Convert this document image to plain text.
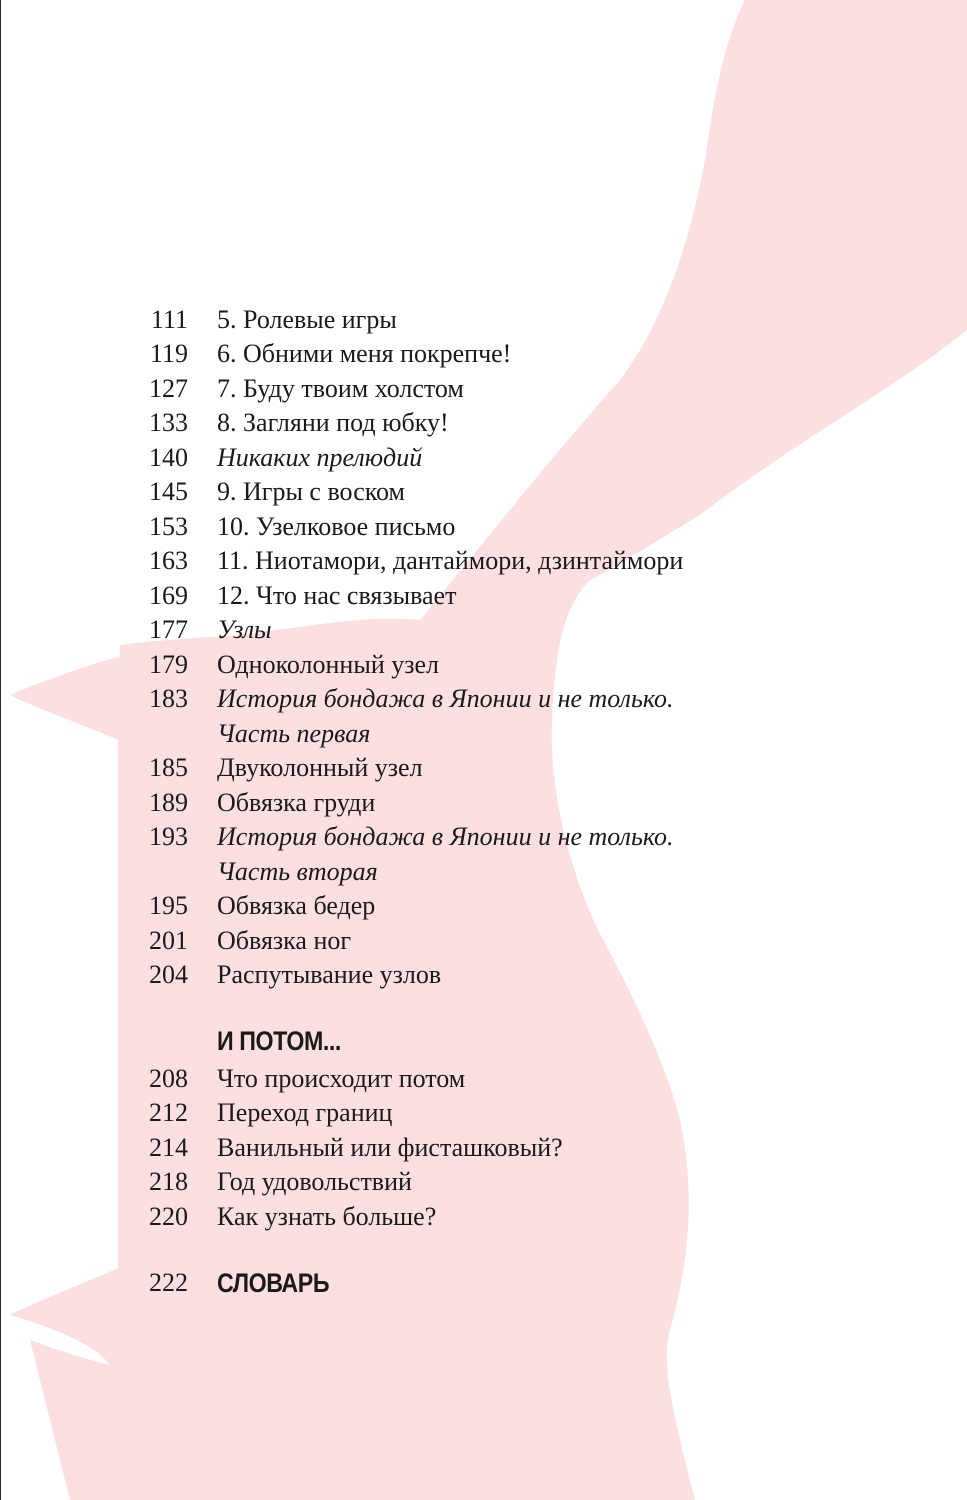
111 5. Ролевые игры
119 6. Обними меня покрепче!
127 7. Буду твоим холстом
133 8. Загляни под юбку!
140 Никаких прелюдий
145 9. Игры с воском
153 10. Узелковое письмо
163 11. Ниотамори, дантаймори, дзинтаймори
169 12. Что нас связывает
177 Узлы
179 Одноколонный узел
183 История бондажа в Японии и не только.
Часть первая
185 Двуколонный узел
189 Обвязка груди
193 История бондажа в Японии и не только.
Часть вторая
195 Обвязка бедер
201 Обвязка ног
204 Распутывание узлов
И ПОТОМ...
208 Что происходит потом
212 Переход границ
214 Ванильный или фисташковый?
218 Год удовольствий
220 Как узнать больше?
222 СЛОВАРЬ
